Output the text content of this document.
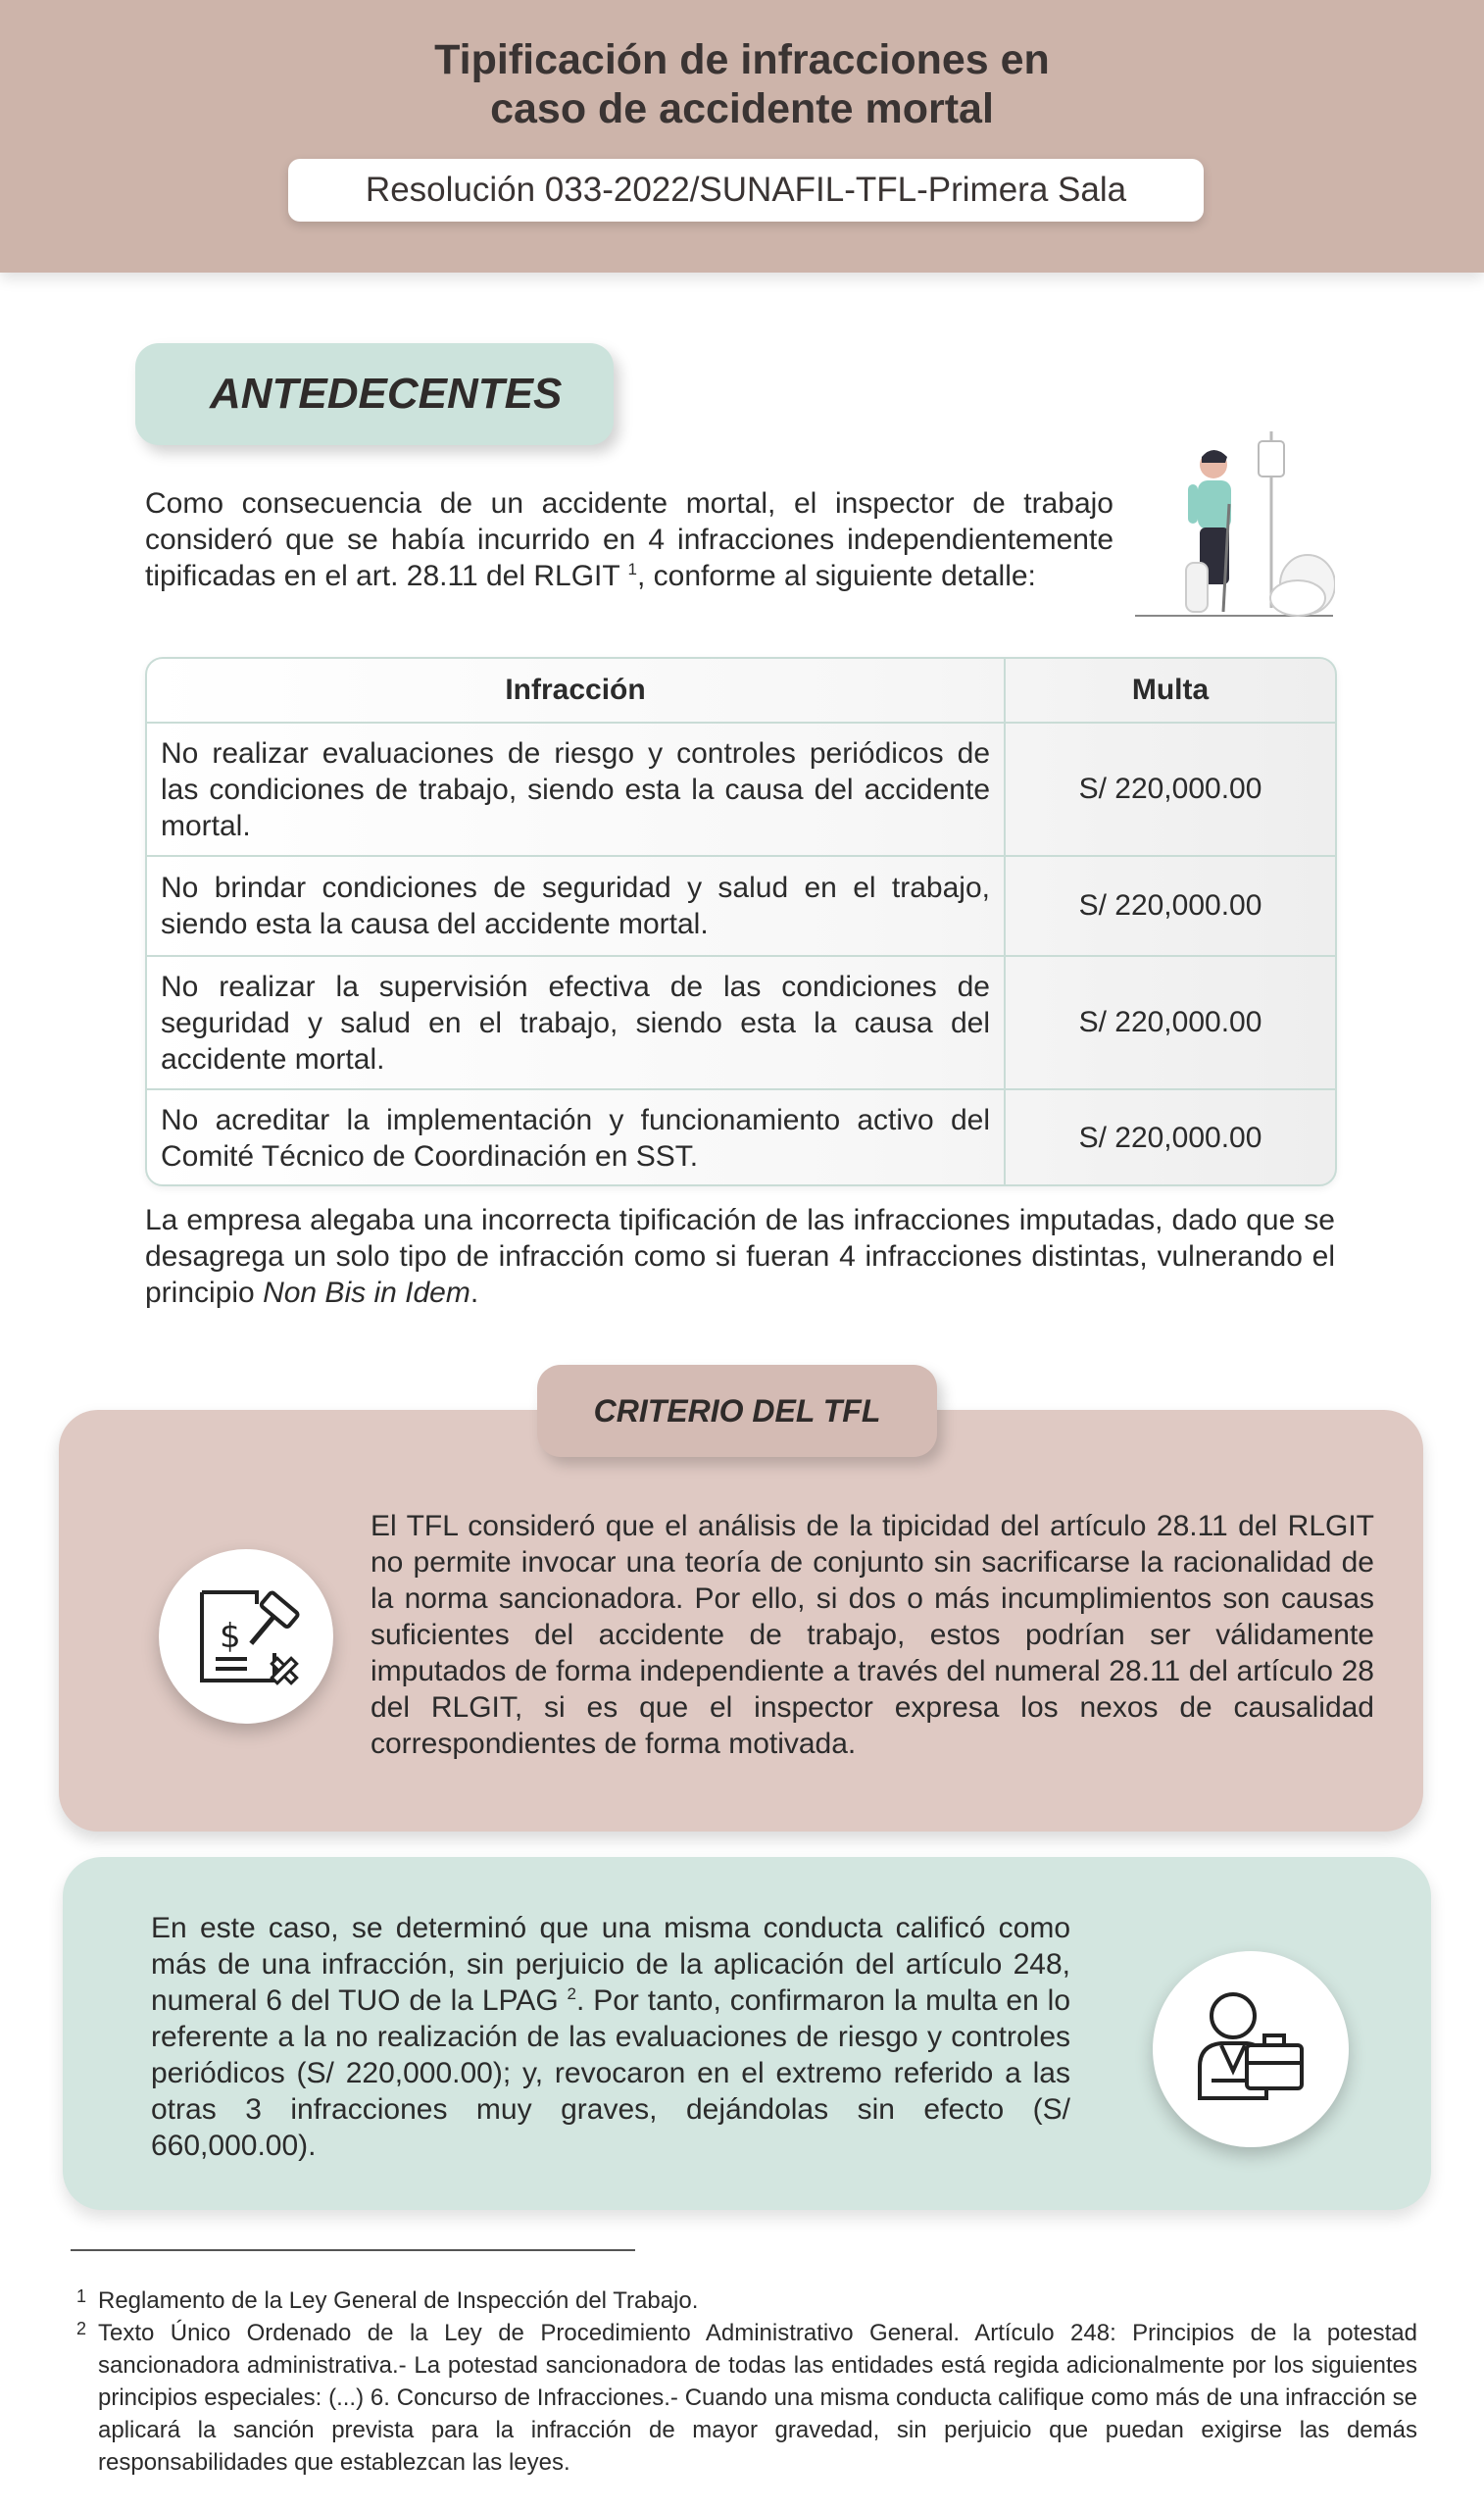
Tipificación de infracciones en
caso de accidente mortal
Resolución 033-2022/SUNAFIL-TFL-Primera Sala
ANTEDECENTES
Como consecuencia de un accidente mortal, el inspector de trabajo consideró que se había incurrido en 4 infracciones independientemente tipificadas en el art. 28.11 del RLGIT $^1$, conforme al siguiente detalle:
Infracción	Multa
No realizar evaluaciones de riesgo y controles periódicos de las condiciones de trabajo, siendo esta la causa del accidente mortal.	S/ 220,000.00
No brindar condiciones de seguridad y salud en el trabajo, siendo esta la causa del accidente mortal.	S/ 220,000.00
No realizar la supervisión efectiva de las condiciones de seguridad y salud en el trabajo, siendo esta la causa del accidente mortal.	S/ 220,000.00
No acreditar la implementación y funcionamiento activo del Comité Técnico de Coordinación en SST.	S/ 220,000.00
La empresa alegaba una incorrecta tipificación de las infracciones imputadas, dado que se desagrega un solo tipo de infracción como si fueran 4 infracciones distintas, vulnerando el principio Non Bis in Idem.
CRITERIO DEL TFL
$
El TFL consideró que el análisis de la tipicidad del artículo 28.11 del RLGIT no permite invocar una teoría de conjunto sin sacrificarse la racionalidad de la norma sancionadora. Por ello, si dos o más incumplimientos son causas suficientes del accidente de trabajo, estos podrían ser válidamente imputados de forma independiente a través del numeral 28.11 del artículo 28 del RLGIT, si es que el inspector expresa los nexos de causalidad correspondientes de forma motivada.
En este caso, se determinó que una misma conducta calificó como más de una infracción, sin perjuicio de la aplicación del artículo 248, numeral 6 del TUO de la LPAG $^2$. Por tanto, confirmaron la multa en lo referente a la no realización de las evaluaciones de riesgo y controles periódicos (S/ 220,000.00); y, revocaron en el extremo referido a las otras 3 infracciones muy graves, dejándolas sin efecto (S/ 660,000.00).
1 Reglamento de la Ley General de Inspección del Trabajo.
2 Texto Único Ordenado de la Ley de Procedimiento Administrativo General. Artículo 248: Principios de la potestad sancionadora administrativa.- La potestad sancionadora de todas las entidades está regida adicionalmente por los siguientes principios especiales: (...) 6. Concurso de Infracciones.- Cuando una misma conducta califique como más de una infracción se aplicará la sanción prevista para la infracción de mayor gravedad, sin perjuicio que puedan exigirse las demás responsabilidades que establezcan las leyes.
